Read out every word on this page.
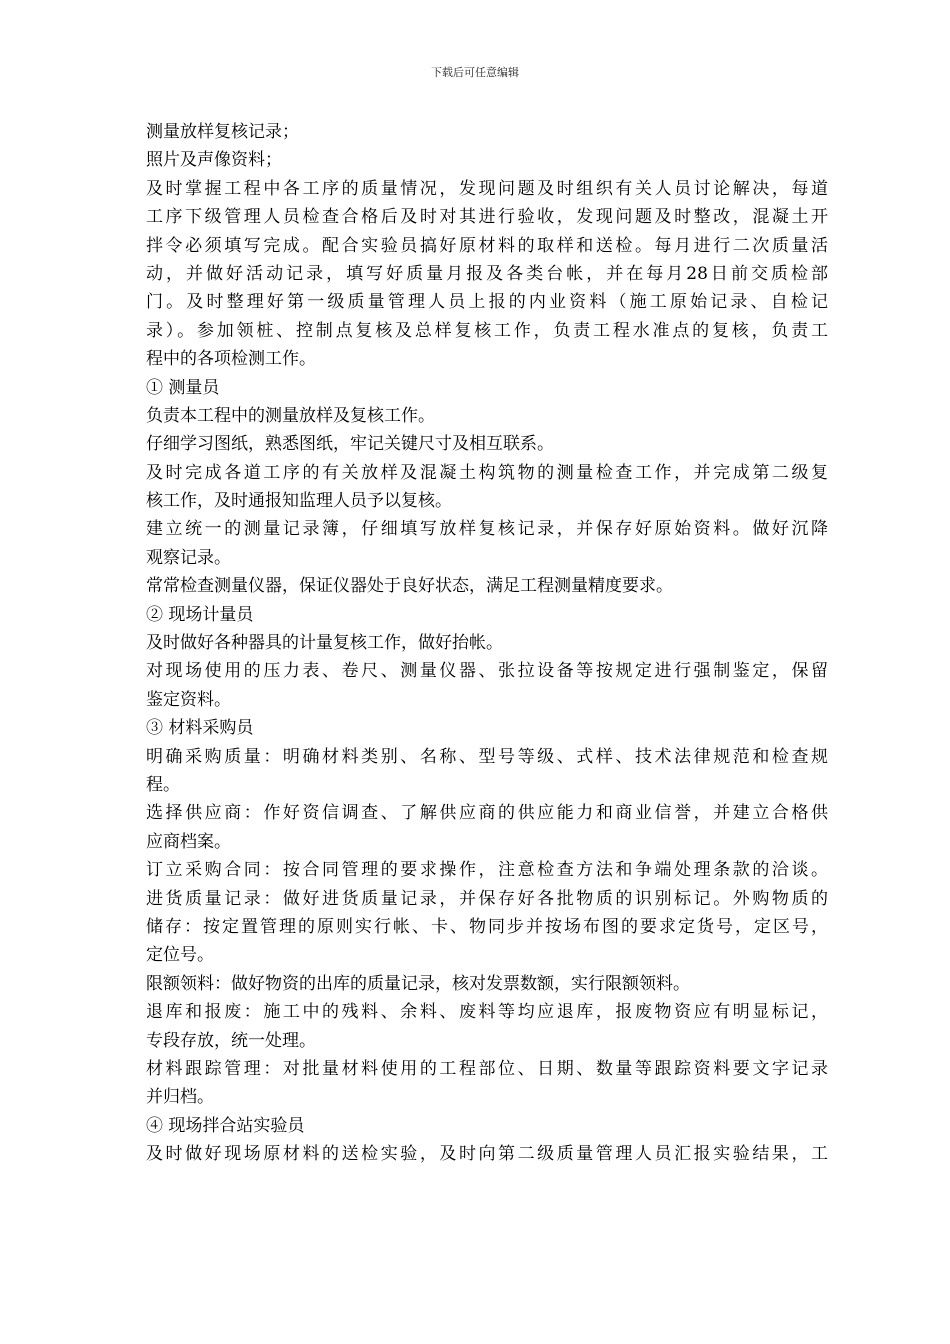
下载后可任意编辑
测量放样复核记录；
照片及声像资料；
及时掌握工程中各工序的质量情况，发现问题及时组织有关人员讨论解决，每道
工序下级管理人员检查合格后及时对其进行验收，发现问题及时整改，混凝土开
拌令必须填写完成。配合实验员搞好原材料的取样和送检。每月进行二次质量活
动，并做好活动记录，填写好质量月报及各类台帐，并在每月28日前交质检部
门。及时整理好第一级质量管理人员上报的内业资料（施工原始记录、自检记
录）。参加领桩、控制点复核及总样复核工作，负责工程水准点的复核，负责工
程中的各项检测工作。
① 测量员
负责本工程中的测量放样及复核工作。
仔细学习图纸，熟悉图纸，牢记关键尺寸及相互联系。
及时完成各道工序的有关放样及混凝土构筑物的测量检查工作，并完成第二级复
核工作，及时通报知监理人员予以复核。
建立统一的测量记录簿，仔细填写放样复核记录，并保存好原始资料。做好沉降
观察记录。
常常检查测量仪器，保证仪器处于良好状态，满足工程测量精度要求。
② 现场计量员
及时做好各种器具的计量复核工作，做好抬帐。
对现场使用的压力表、卷尺、测量仪器、张拉设备等按规定进行强制鉴定，保留
鉴定资料。
③ 材料采购员
明确采购质量：明确材料类别、名称、型号等级、式样、技术法律规范和检查规
程。
选择供应商：作好资信调查、了解供应商的供应能力和商业信誉，并建立合格供
应商档案。
订立采购合同：按合同管理的要求操作，注意检查方法和争端处理条款的洽谈。
进货质量记录：做好进货质量记录，并保存好各批物质的识别标记。外购物质的
储存：按定置管理的原则实行帐、卡、物同步并按场布图的要求定货号，定区号，
定位号。
限额领料：做好物资的出库的质量记录，核对发票数额，实行限额领料。
退库和报废：施工中的残料、余料、废料等均应退库，报废物资应有明显标记，
专段存放，统一处理。
材料跟踪管理：对批量材料使用的工程部位、日期、数量等跟踪资料要文字记录
并归档。
④ 现场拌合站实验员
及时做好现场原材料的送检实验，及时向第二级质量管理人员汇报实验结果，工
